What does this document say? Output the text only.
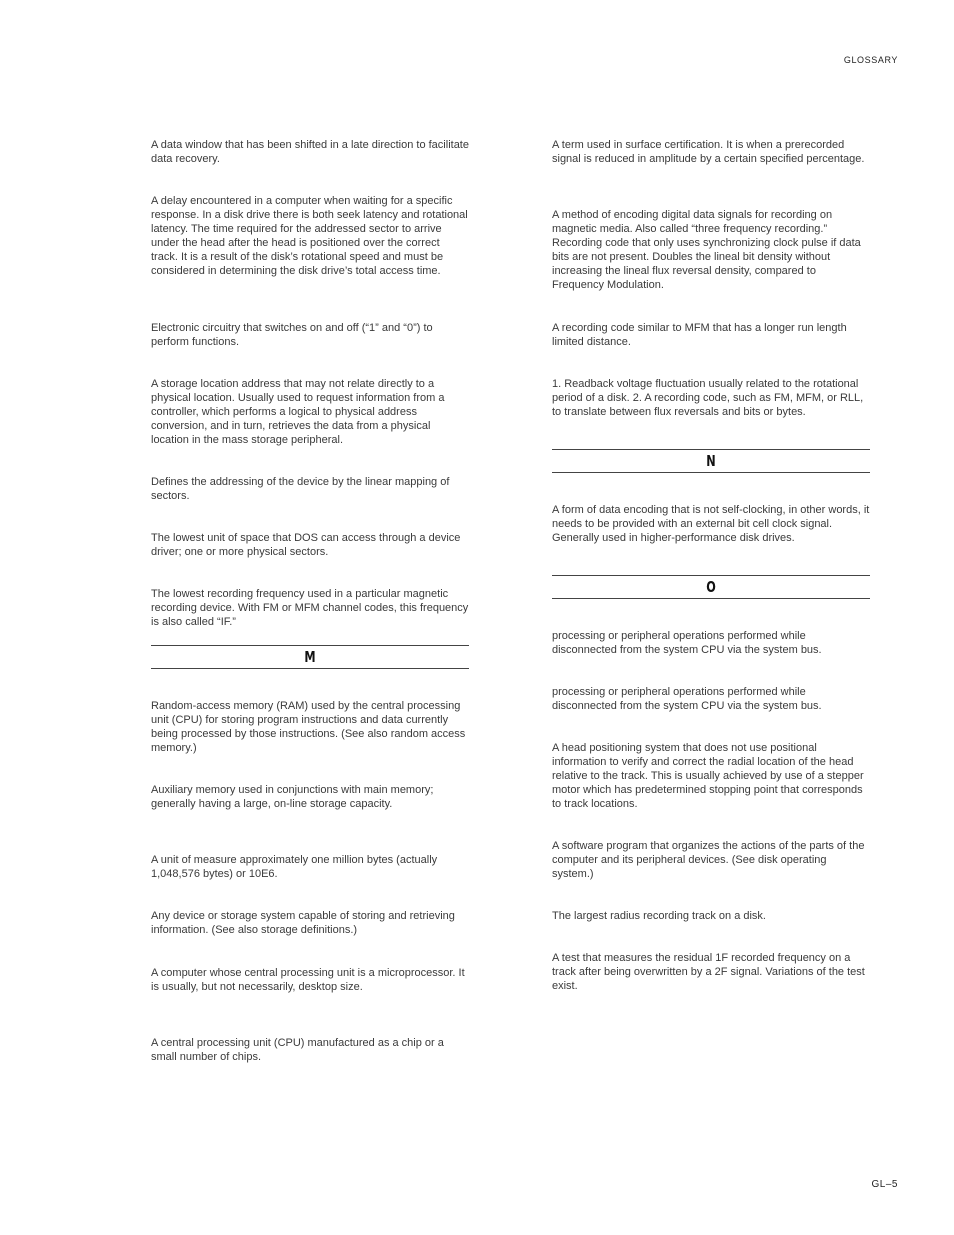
GLOSSARY

A data window that has been shifted in a late direction to facilitate data recovery.

A delay encountered in a computer when waiting for a specific response. In a disk drive there is both seek latency and rotational latency. The time required for the addressed sector to arrive under the head after the head is positioned over the correct track. It is a result of the disk’s rotational speed and must be considered in determining the disk drive’s total access time.

Electronic circuitry that switches on and off (“1” and “0”) to perform functions.

A storage location address that may not relate directly to a physical location. Usually used to request information from a controller, which performs a logical to physical address conversion, and in turn, retrieves the data from a physical location in the mass storage peripheral.

Defines the addressing of the device by the linear mapping of sectors.

The lowest unit of space that DOS can access through a device driver; one or more physical sectors.

The lowest recording frequency used in a particular magnetic recording device. With FM or MFM channel codes, this frequency is also called “IF.”

M

Random-access memory (RAM) used by the central processing unit (CPU) for storing program instructions and data currently being processed by those instructions. (See also random access memory.)

Auxiliary memory used in conjunctions with main memory; generally having a large, on-line storage capacity.

A unit of measure approximately one million bytes (actually 1,048,576 bytes) or 10E6.

Any device or storage system capable of storing and retrieving information. (See also storage definitions.)

A computer whose central processing unit is a microprocessor. It is usually, but not necessarily, desktop size.

A central processing unit (CPU) manufactured as a chip or a small number of chips.

A term used in surface certification. It is when a prerecorded signal is reduced in amplitude by a certain specified percentage.

A method of encoding digital data signals for recording on magnetic media. Also called “three frequency recording.” Recording code that only uses synchronizing clock pulse if data bits are not present. Doubles the lineal bit density without increasing the lineal flux reversal density, compared to Frequency Modulation.

A recording code similar to MFM that has a longer run length limited distance.

1. Readback voltage fluctuation usually related to the rotational period of a disk. 2. A recording code, such as FM, MFM, or RLL, to translate between flux reversals and bits or bytes.

N

A form of data encoding that is not self-clocking, in other words, it needs to be provided with an external bit cell clock signal. Generally used in higher-performance disk drives.

O

processing or peripheral operations performed while disconnected from the system CPU via the system bus.

processing or peripheral operations performed while disconnected from the system CPU via the system bus.

A head positioning system that does not use positional information to verify and correct the radial location of the head relative to the track. This is usually achieved by use of a stepper motor which has predetermined stopping point that corresponds to track locations.

A software program that organizes the actions of the parts of the computer and its peripheral devices. (See disk operating system.)

The largest radius recording track on a disk.

A test that measures the residual 1F recorded frequency on a track after being overwritten by a 2F signal. Variations of the test exist.

GL–5
